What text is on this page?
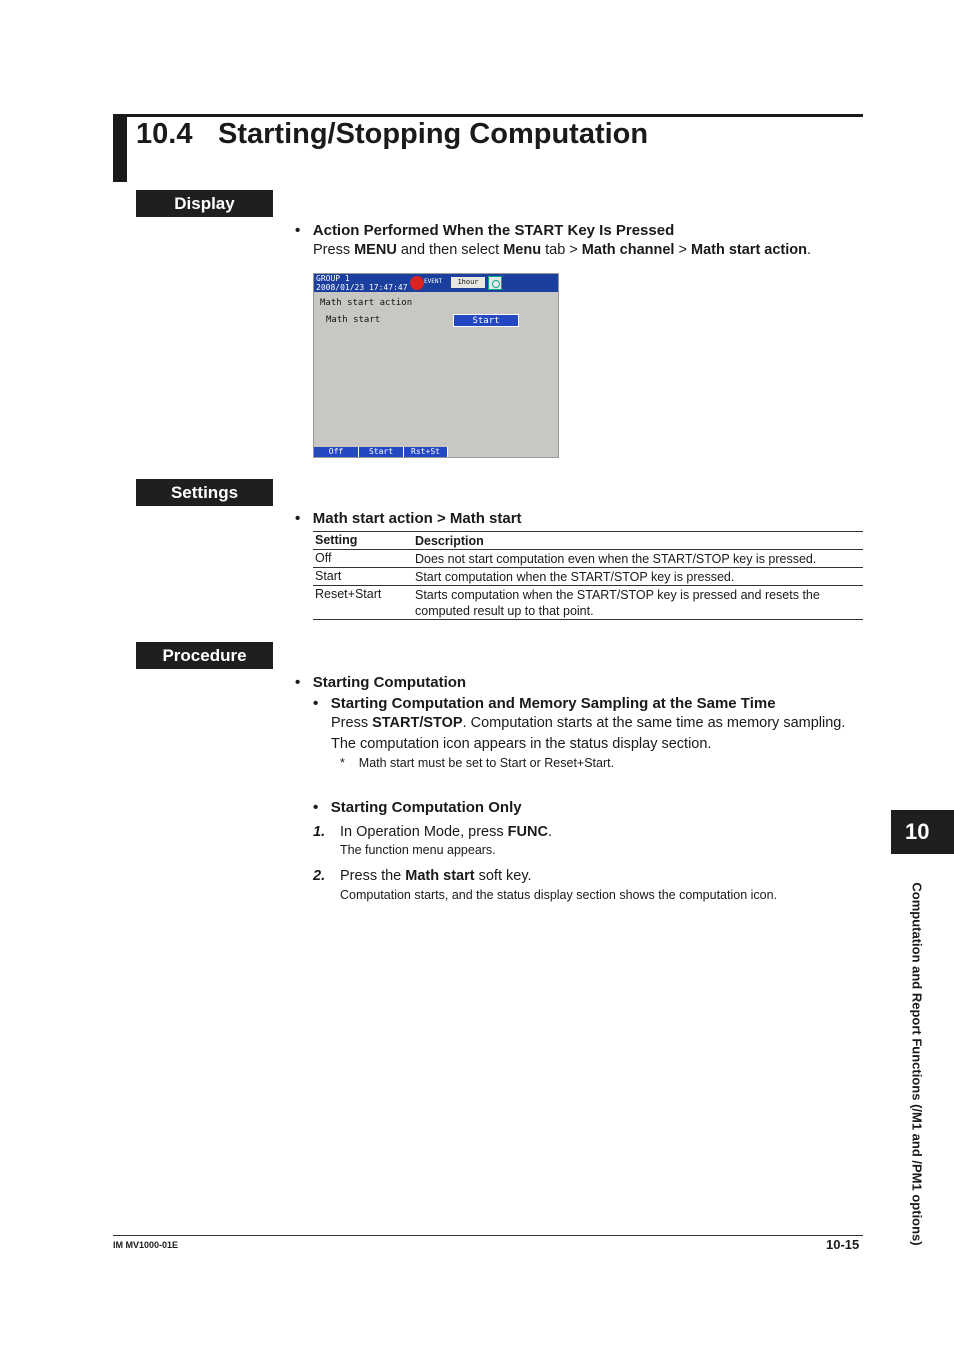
10.4 Starting/Stopping Computation
Display
•   Action Performed When the START Key Is Pressed
Press MENU and then select Menu tab > Math channel > Math start action.
GROUP 1
2008/01/23 17:47:47
EVENT	1hour
Math start action
Math start	Start
Off	Start	Rst+St
Settings
•   Math start action > Math start
Setting	Description
Off	Does not start computation even when the START/STOP key is pressed.
Start	Start computation when the START/STOP key is pressed.
Reset+Start	Starts computation when the START/STOP key is pressed and resets the computed result up to that point.
Procedure
•   Starting Computation
•   Starting Computation and Memory Sampling at the Same Time
Press START/STOP. Computation starts at the same time as memory sampling.
The computation icon appears in the status display section.
* Math start must be set to Start or Reset+Start.
•   Starting Computation Only
1. In Operation Mode, press FUNC.
The function menu appears.
2. Press the Math start soft key.
Computation starts, and the status display section shows the computation icon.
10
Computation and Report Functions (/M1 and /PM1 options)
IM MV1000-01E	10-15
